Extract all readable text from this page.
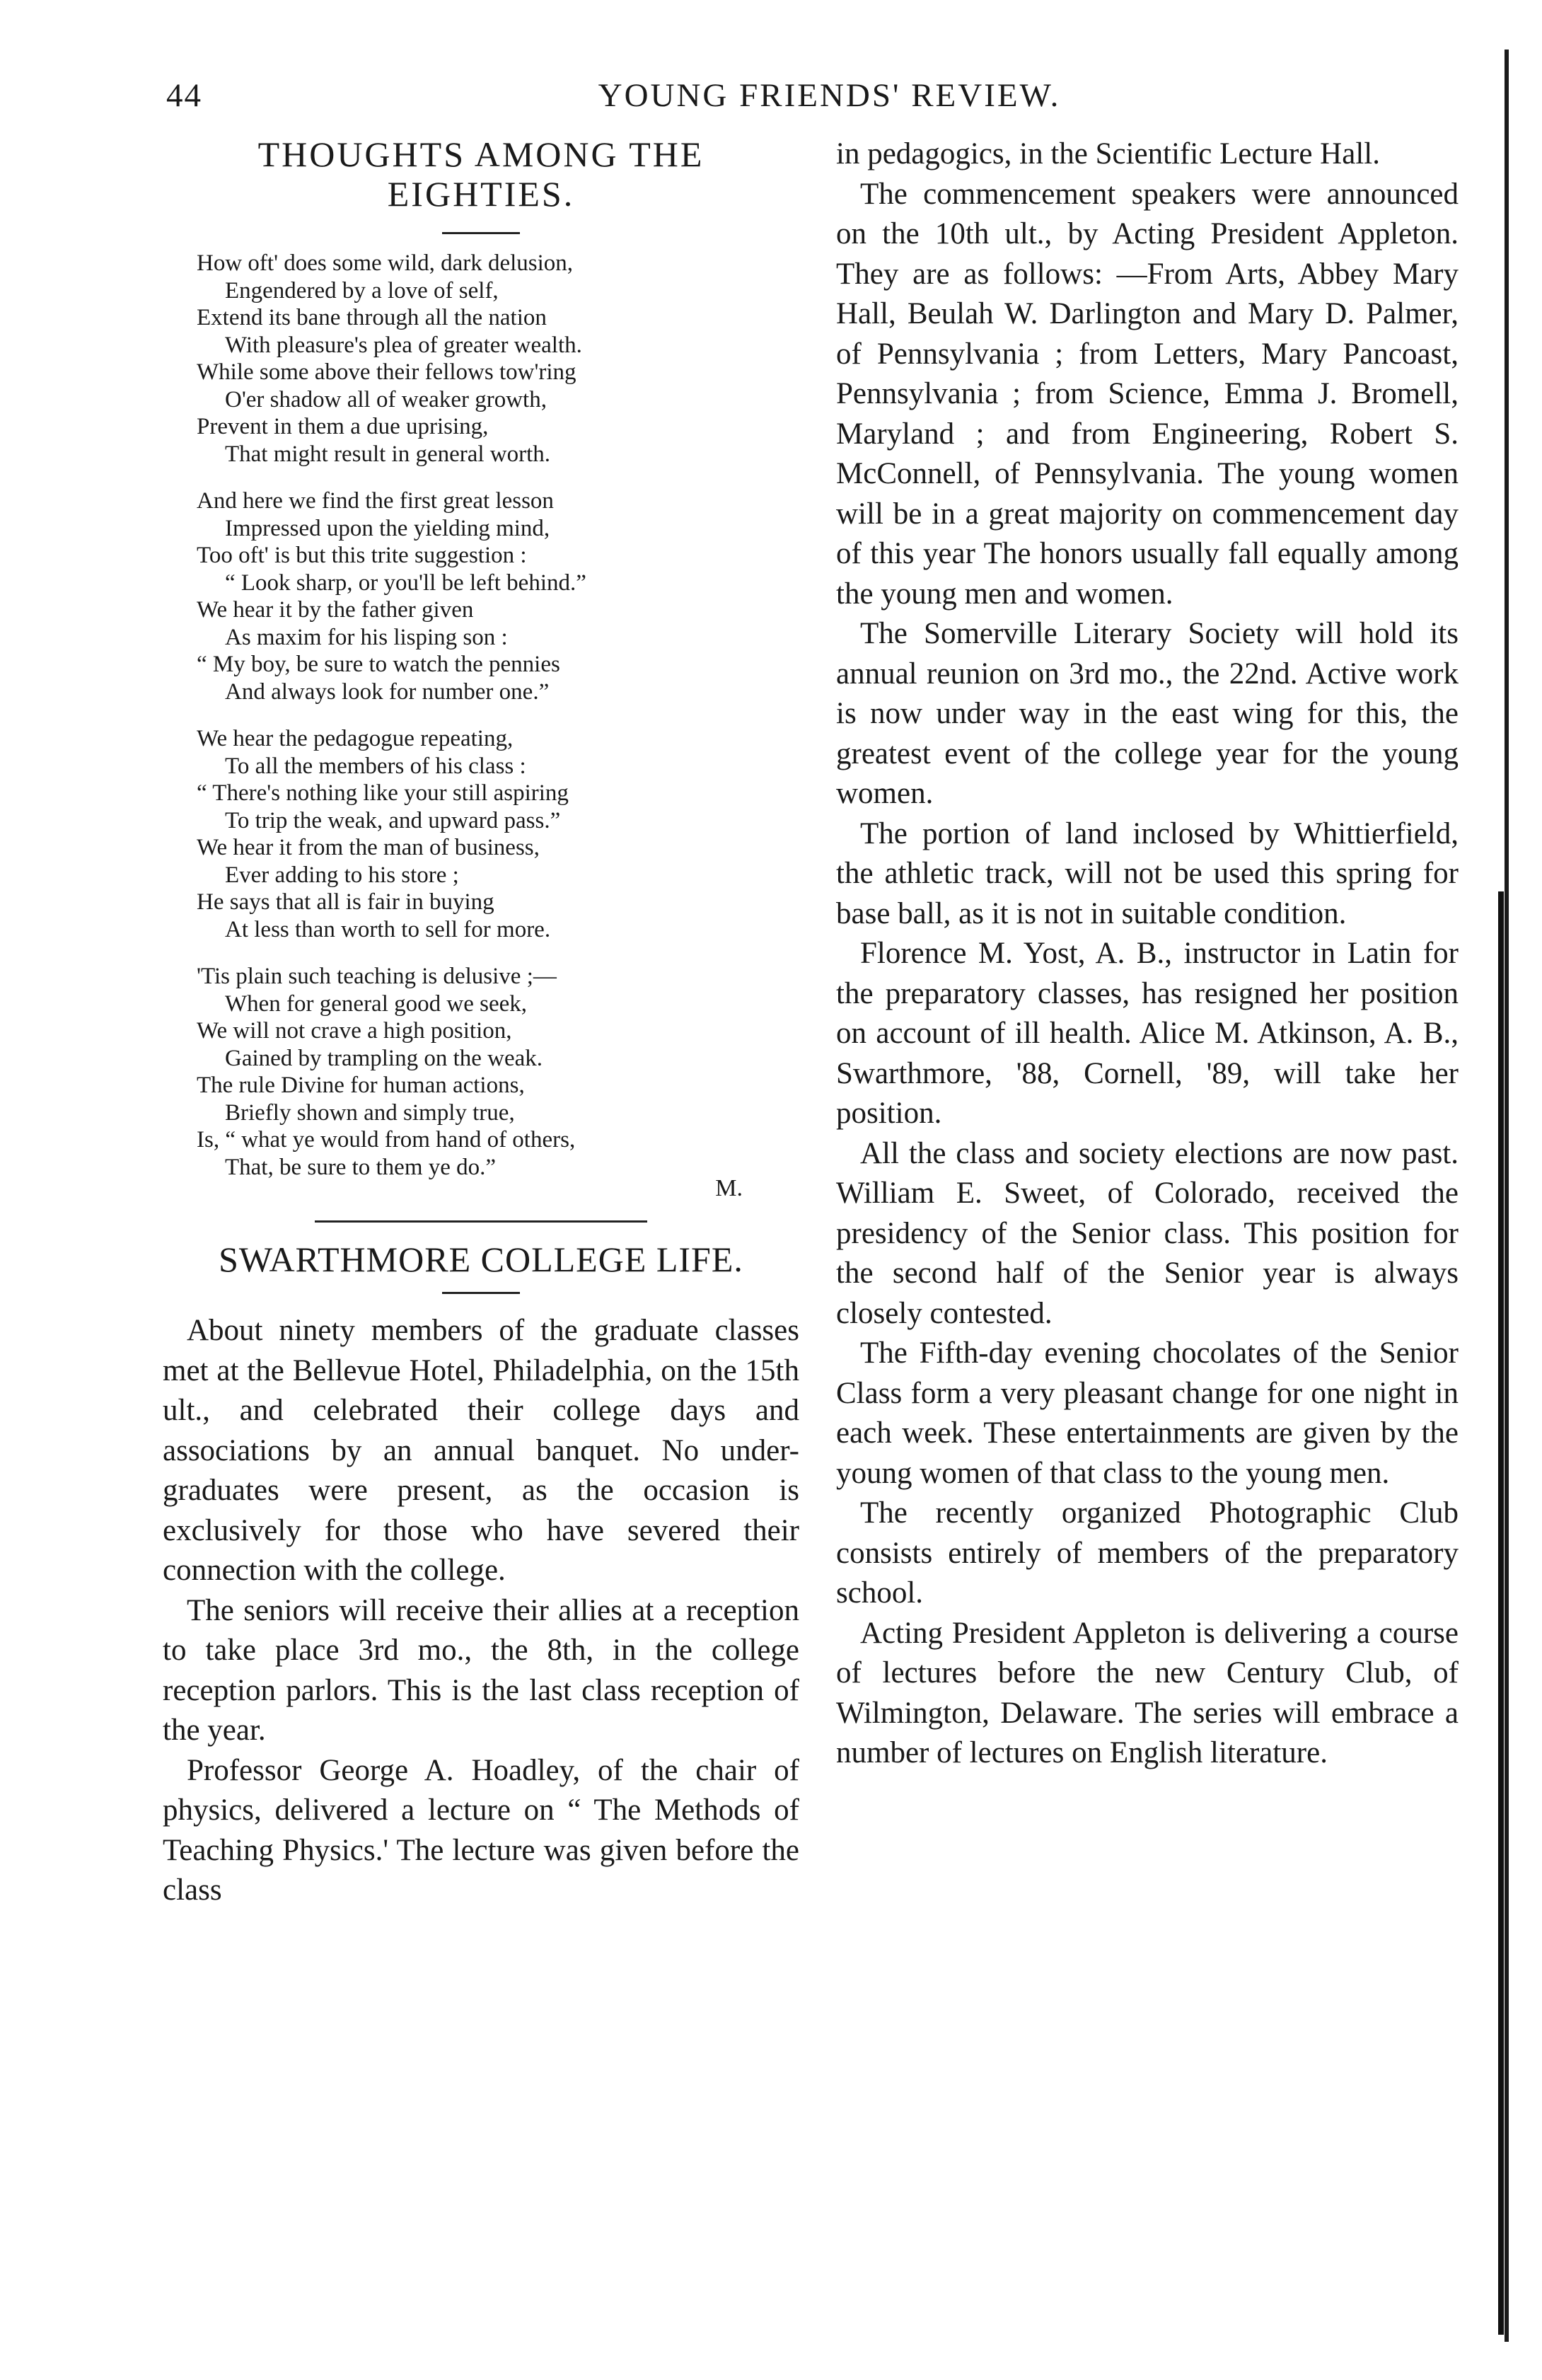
44	YOUNG FRIENDS' REVIEW.
THOUGHTS AMONG THE
EIGHTIES.
How oft' does some wild, dark delusion,
Engendered by a love of self,
Extend its bane through all the nation
With pleasure's plea of greater wealth.
While some above their fellows tow'ring
O'er shadow all of weaker growth,
Prevent in them a due uprising,
That might result in general worth.
And here we find the first great lesson
Impressed upon the yielding mind,
Too oft' is but this trite suggestion :
“ Look sharp, or you'll be left behind.”
We hear it by the father given
As maxim for his lisping son :
“ My boy, be sure to watch the pennies
And always look for number one.”
We hear the pedagogue repeating,
To all the members of his class :
“ There's nothing like your still aspiring
To trip the weak, and upward pass.”
We hear it from the man of business,
Ever adding to his store ;
He says that all is fair in buying
At less than worth to sell for more.
'Tis plain such teaching is delusive ;—
When for general good we seek,
We will not crave a high position,
Gained by trampling on the weak.
The rule Divine for human actions,
Briefly shown and simply true,
Is, “ what ye would from hand of others,
That, be sure to them ye do.”
M.
SWARTHMORE COLLEGE LIFE.

About ninety members of the graduate classes met at the Bellevue Hotel, Philadelphia, on the 15th ult., and celebrated their college days and associations by an annual banquet. No under-graduates were present, as the occasion is exclusively for those who have severed their connection with the college.

The seniors will receive their allies at a reception to take place 3rd mo., the 8th, in the college reception parlors. This is the last class reception of the year.

Professor George A. Hoadley, of the chair of physics, delivered a lecture on “ The Methods of Teaching Physics.' The lecture was given before the class

in pedagogics, in the Scientific Lecture Hall.

The commencement speakers were announced on the 10th ult., by Acting President Appleton. They are as follows: —From Arts, Abbey Mary Hall, Beulah W. Darlington and Mary D. Palmer, of Pennsylvania ; from Letters, Mary Pancoast, Pennsylvania ; from Science, Emma J. Bromell, Maryland ; and from Engineering, Robert S. McConnell, of Pennsylvania. The young women will be in a great majority on commencement day of this year The honors usually fall equally among the young men and women.

The Somerville Literary Society will hold its annual reunion on 3rd mo., the 22nd. Active work is now under way in the east wing for this, the greatest event of the college year for the young women.

The portion of land inclosed by Whittierfield, the athletic track, will not be used this spring for base ball, as it is not in suitable condition.

Florence M. Yost, A. B., instructor in Latin for the preparatory classes, has resigned her position on account of ill health. Alice M. Atkinson, A. B., Swarthmore, '88, Cornell, '89, will take her position.

All the class and society elections are now past. William E. Sweet, of Colorado, received the presidency of the Senior class. This position for the second half of the Senior year is always closely contested.

The Fifth-day evening chocolates of the Senior Class form a very pleasant change for one night in each week. These entertainments are given by the young women of that class to the young men.

The recently organized Photographic Club consists entirely of members of the preparatory school.

Acting President Appleton is delivering a course of lectures before the new Century Club, of Wilmington, Delaware. The series will embrace a number of lectures on English literature.
